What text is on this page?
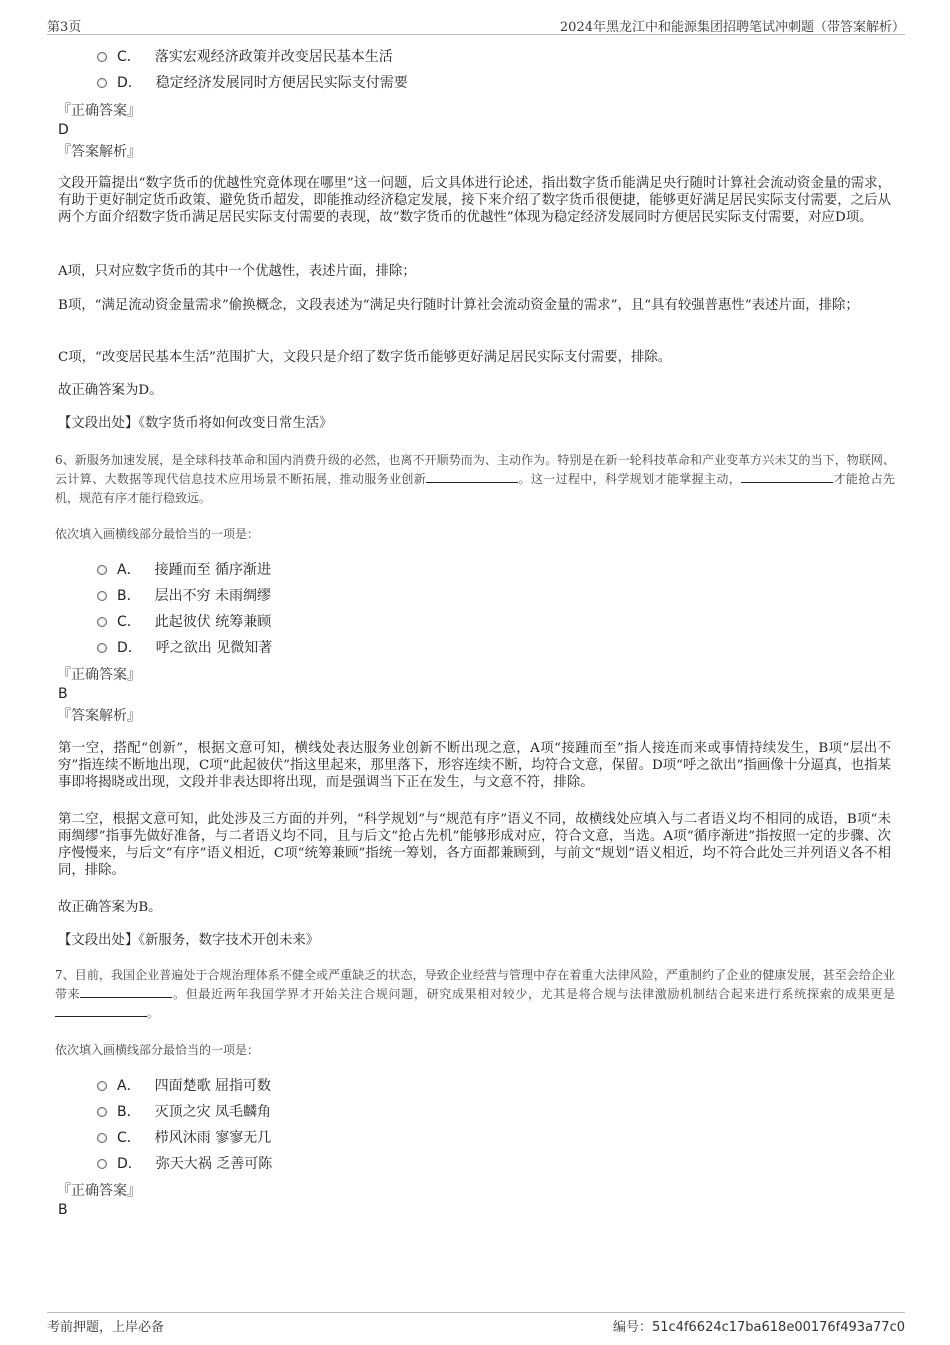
第3页	2024年黑龙江中和能源集团招聘笔试冲刺题（带答案解析）
C． 落实宏观经济政策并改变居民基本生活
D． 稳定经济发展同时方便居民实际支付需要
『正确答案』
D
『答案解析』
文段开篇提出“数字货币的优越性究竟体现在哪里”这一问题，后文具体进行论述，指出数字货币能满足央行随时计算社会流动资金量的需求，有助于更好制定货币政策、避免货币超发，即能推动经济稳定发展，接下来介绍了数字货币很便捷，能够更好满足居民实际支付需要，之后从两个方面介绍数字货币满足居民实际支付需要的表现，故“数字货币的优越性”体现为稳定经济发展同时方便居民实际支付需要，对应D项。
A项，只对应数字货币的其中一个优越性，表述片面，排除；
B项，“满足流动资金量需求”偷换概念，文段表述为“满足央行随时计算社会流动资金量的需求”，且“具有较强普惠性”表述片面，排除；
C项，“改变居民基本生活”范围扩大，文段只是介绍了数字货币能够更好满足居民实际支付需要，排除。
故正确答案为D。
【文段出处】《数字货币将如何改变日常生活》
6、新服务加速发展，是全球科技革命和国内消费升级的必然，也离不开顺势而为、主动作为。特别是在新一轮科技革命和产业变革方兴未艾的当下，物联网、云计算、大数据等现代信息技术应用场景不断拓展，推动服务业创新	。这一过程中，科学规划才能掌握主动，	才能抢占先机，规范有序才能行稳致远。
依次填入画横线部分最恰当的一项是：
A． 接踵而至 循序渐进
B． 层出不穷 未雨绸缪
C． 此起彼伏 统筹兼顾
D． 呼之欲出 见微知著
『正确答案』
B
『答案解析』
第一空，搭配“创新”，根据文意可知，横线处表达服务业创新不断出现之意，A项“接踵而至”指人接连而来或事情持续发生，B项“层出不穷”指连续不断地出现，C项“此起彼伏”指这里起来，那里落下，形容连续不断，均符合文意，保留。D项“呼之欲出”指画像十分逼真，也指某事即将揭晓或出现，文段并非表达即将出现，而是强调当下正在发生，与文意不符，排除。
第二空，根据文意可知，此处涉及三方面的并列，“科学规划”与“规范有序”语义不同，故横线处应填入与二者语义均不相同的成语，B项“未雨绸缪”指事先做好准备，与二者语义均不同，且与后文“抢占先机”能够形成对应，符合文意，当选。A项“循序渐进”指按照一定的步骤、次序慢慢来，与后文“有序”语义相近，C项“统筹兼顾”指统一筹划，各方面都兼顾到，与前文“规划”语义相近，均不符合此处三并列语义各不相同，排除。
故正确答案为B。
【文段出处】《新服务，数字技术开创未来》
7、目前，我国企业普遍处于合规治理体系不健全或严重缺乏的状态，导致企业经营与管理中存在着重大法律风险，严重制约了企业的健康发展，甚至会给企业带来	。但最近两年我国学界才开始关注合规问题，研究成果相对较少，尤其是将合规与法律激励机制结合起来进行系统探索的成果更是。
依次填入画横线部分最恰当的一项是：
A． 四面楚歌 屈指可数
B． 灭顶之灾 凤毛麟角
C． 栉风沐雨 寥寥无几
D． 弥天大祸 乏善可陈
『正确答案』
B
考前押题，上岸必备	编号：51c4f6624c17ba618e00176f493a77c0
